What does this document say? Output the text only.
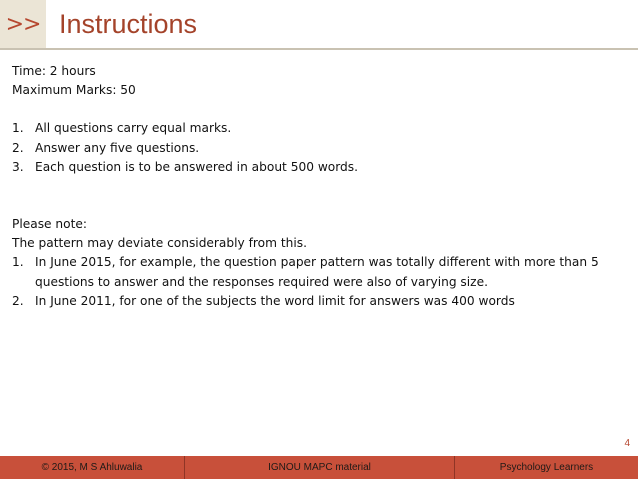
>> Instructions

Time: 2 hours

Maximum Marks: 50

1. All questions carry equal marks.
2. Answer any five questions.
3. Each question is to be answered in about 500 words.

Please note:

The pattern may deviate considerably from this.

1. In June 2015, for example, the question paper pattern was totally different with more than 5 questions to answer and the responses required were also of varying size.
2. In June 2011, for one of the subjects the word limit for answers was 400 words
4
© 2015, M S Ahluwalia	IGNOU MAPC material	Psychology Learners
